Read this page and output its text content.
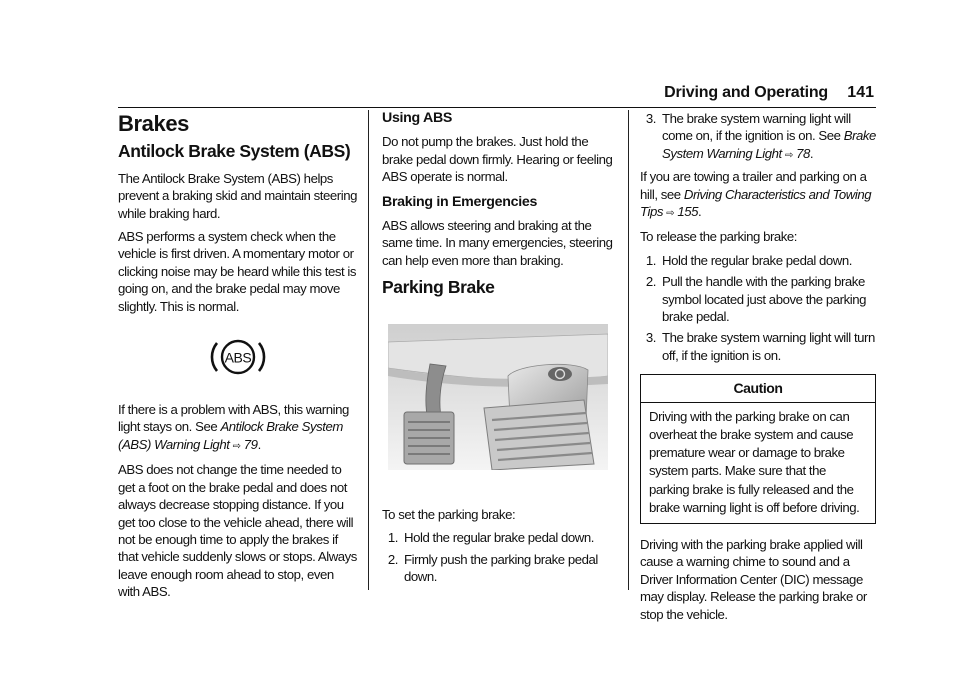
Driving and Operating 141
Brakes
Antilock Brake System (ABS)

The Antilock Brake System (ABS) helps prevent a braking skid and maintain steering while braking hard.

ABS performs a system check when the vehicle is first driven. A momentary motor or clicking noise may be heard while this test is going on, and the brake pedal may move slightly. This is normal.

ABS

If there is a problem with ABS, this warning light stays on. See Antilock Brake System (ABS) Warning Light ⇨ 79.

ABS does not change the time needed to get a foot on the brake pedal and does not always decrease stopping distance. If you get too close to the vehicle ahead, there will not be enough time to apply the brakes if that vehicle suddenly slows or stops. Always leave enough room ahead to stop, even with ABS.

Using ABS

Do not pump the brakes. Just hold the brake pedal down firmly. Hearing or feeling ABS operate is normal.

Braking in Emergencies

ABS allows steering and braking at the same time. In many emergencies, steering can help even more than braking.

Parking Brake

To set the parking brake:

1. Hold the regular brake pedal down.
2. Firmly push the parking brake pedal down.
3. The brake system warning light will come on, if the ignition is on. See Brake System Warning Light ⇨ 78.

If you are towing a trailer and parking on a hill, see Driving Characteristics and Towing Tips ⇨ 155.

To release the parking brake:

1. Hold the regular brake pedal down.
2. Pull the handle with the parking brake symbol located just above the parking brake pedal.
3. The brake system warning light will turn off, if the ignition is on.
Caution
Driving with the parking brake on can overheat the brake system and cause premature wear or damage to brake system parts. Make sure that the parking brake is fully released and the brake warning light is off before driving.

Driving with the parking brake applied will cause a warning chime to sound and a Driver Information Center (DIC) message may display. Release the parking brake or stop the vehicle.
